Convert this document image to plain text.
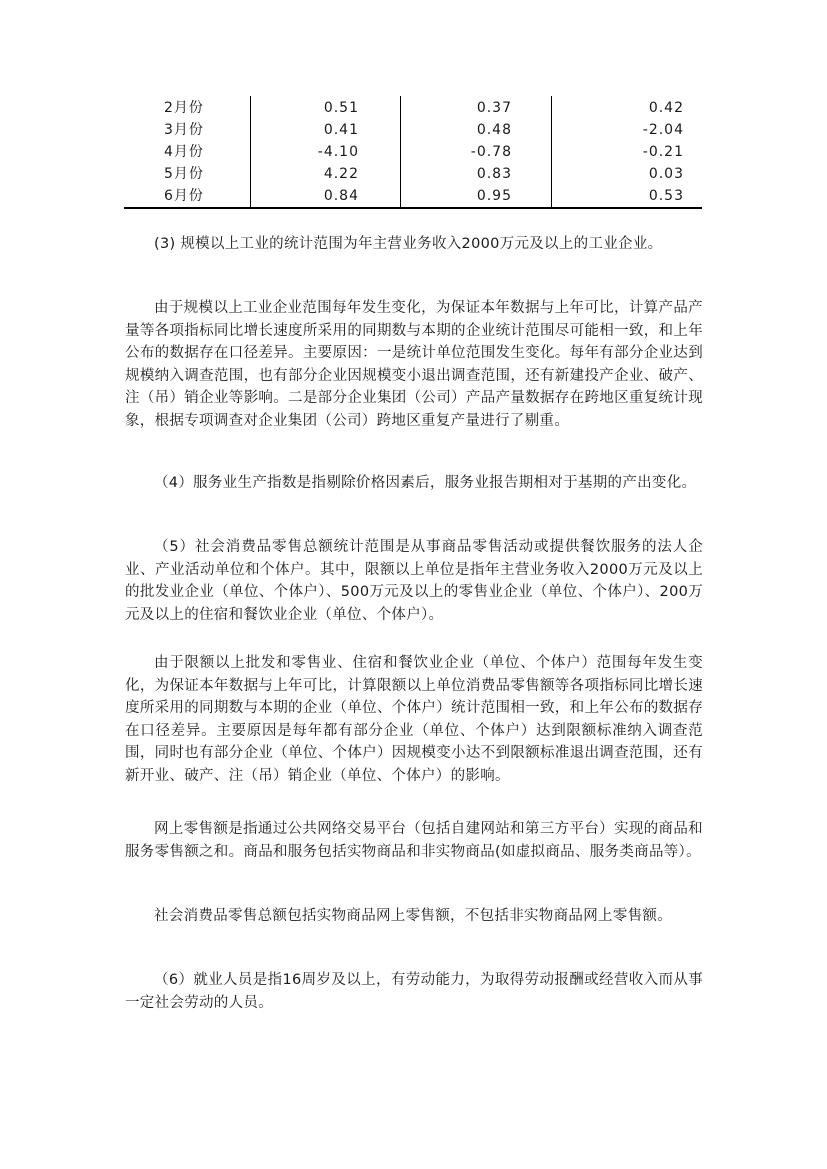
2月份	0.51	0.37	0.42
3月份	0.41	0.48	-2.04
4月份	-4.10	-0.78	-0.21
5月份	4.22	0.83	0.03
6月份	0.84	0.95	0.53

(3) 规模以上工业的统计范围为年主营业务收入2000万元及以上的工业企业。

由于规模以上工业企业范围每年发生变化，为保证本年数据与上年可比，计算产品产量等各项指标同比增长速度所采用的同期数与本期的企业统计范围尽可能相一致，和上年公布的数据存在口径差异。主要原因：一是统计单位范围发生变化。每年有部分企业达到规模纳入调查范围，也有部分企业因规模变小退出调查范围，还有新建投产企业、破产、注（吊）销企业等影响。二是部分企业集团（公司）产品产量数据存在跨地区重复统计现象，根据专项调查对企业集团（公司）跨地区重复产量进行了剔重。

（4）服务业生产指数是指剔除价格因素后，服务业报告期相对于基期的产出变化。

（5）社会消费品零售总额统计范围是从事商品零售活动或提供餐饮服务的法人企业、产业活动单位和个体户。其中，限额以上单位是指年主营业务收入2000万元及以上的批发业企业（单位、个体户）、500万元及以上的零售业企业（单位、个体户）、200万元及以上的住宿和餐饮业企业（单位、个体户）。

由于限额以上批发和零售业、住宿和餐饮业企业（单位、个体户）范围每年发生变化，为保证本年数据与上年可比，计算限额以上单位消费品零售额等各项指标同比增长速度所采用的同期数与本期的企业（单位、个体户）统计范围相一致，和上年公布的数据存在口径差异。主要原因是每年都有部分企业（单位、个体户）达到限额标准纳入调查范围，同时也有部分企业（单位、个体户）因规模变小达不到限额标准退出调查范围，还有新开业、破产、注（吊）销企业（单位、个体户）的影响。

网上零售额是指通过公共网络交易平台（包括自建网站和第三方平台）实现的商品和服务零售额之和。商品和服务包括实物商品和非实物商品(如虚拟商品、服务类商品等）。

社会消费品零售总额包括实物商品网上零售额，不包括非实物商品网上零售额。

（6）就业人员是指16周岁及以上，有劳动能力，为取得劳动报酬或经营收入而从事一定社会劳动的人员。
